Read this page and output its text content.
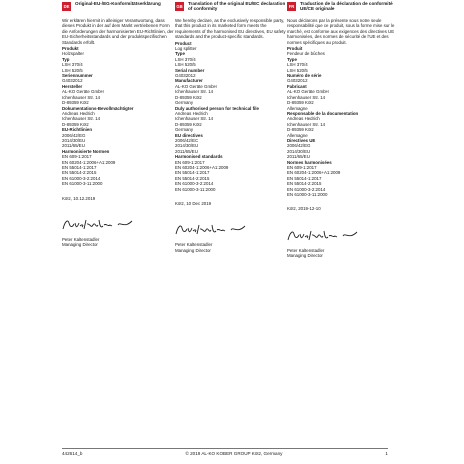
DE
Original-EU-/EG-Konformitätserklärung
Wir erklären hiermit in alleiniger Verantwortung, dass dieses Produkt in der auf dem Markt vertriebenen Form die Anforderungen der harmonisierten EU-Richtlinien, der EU-Sicherheitsstandards und der produktspezifischen Standards erfüllt.
Produkt
Holzspalter
Typ
LSH 370/4
LSH 520/5
Seriennummer
G4032012
Hersteller
AL-KO Geräte GmbH
Ichenhauser Str. 14
D-89359 Kötz
Dokumentations-Bevollmächtigter
Andreas Hedrich
Ichenhauser Str. 14
D-89359 Kötz
EU-Richtlinien
2006/42/EG
2014/30/EU
2011/65/EU
Harmonisierte Normen
EN 609-1:2017
EN 60204-1:2006+A1:2009
EN 55014-1:2017
EN 55014-2:2015
EN 61000-3-2:2014
EN 61000-3-11:2000
Kötz, 10.12.2019
Peter Kaltenstadler
Managing Director
GB
Translation of the original EU/EC declaration of conformity
We hereby declare, as the exclusively responsible party, that this product in its marketed form meets the requirements of the harmonised EU directives, EU safety standards and the product-specific standards.
Product
Log splitter
Type
LSH 370/4
LSH 520/5
Serial number
G4032012
Manufacturer
AL-KO Geräte GmbH
Ichenhauser Str. 14
D-89359 Kötz
Germany
Duly authorised person for technical file
Andreas Hedrich
Ichenhauser Str. 14
D-89359 Kötz
Germany
EU directives
2006/42/EC
2014/30/EU
2011/65/EU
Harmonised standards
EN 609-1:2017
EN 60204-1:2006+A1:2009
EN 55014-1:2017
EN 55014-2:2015
EN 61000-3-2:2014
EN 61000-3-11:2000
Kötz, 10 Dec 2019
Peter Kaltenstadler
Managing Director
FR
Traduction de la déclaration de conformité UE/CE originale
Nous déclarons par la présente sous notre seule responsabilité que ce produit, sous la forme mise sur le marché, est conforme aux exigences des directives UE harmonisées, des normes de sécurité de l'UE et des normes spécifiques au produit.
Produit
Fendeur de bûches
Type
LSH 370/4
LSH 520/5
Numéro de série
G4032012
Fabricant
AL-KO Geräte GmbH
Ichenhauser Str. 14
D-89359 Kötz
Allemagne
Responsable de la documentation
Andreas Hedrich
Ichenhauser Str. 14
D-89359 Kötz
Allemagne
Directives UE
2006/42/EG
2014/30/EU
2011/65/EU
Normes harmonisées
EN 609-1:2017
EN 60204-1:2006+A1:2009
EN 55014-1:2017
EN 55014-2:2015
EN 61000-3-2:2014
EN 61000-3-11:2000
Kötz, 2019-12-10
Peter Kaltenstadler
Managing Director
442614_b	© 2019 AL-KO KOBER GROUP Kötz, Germany	1
